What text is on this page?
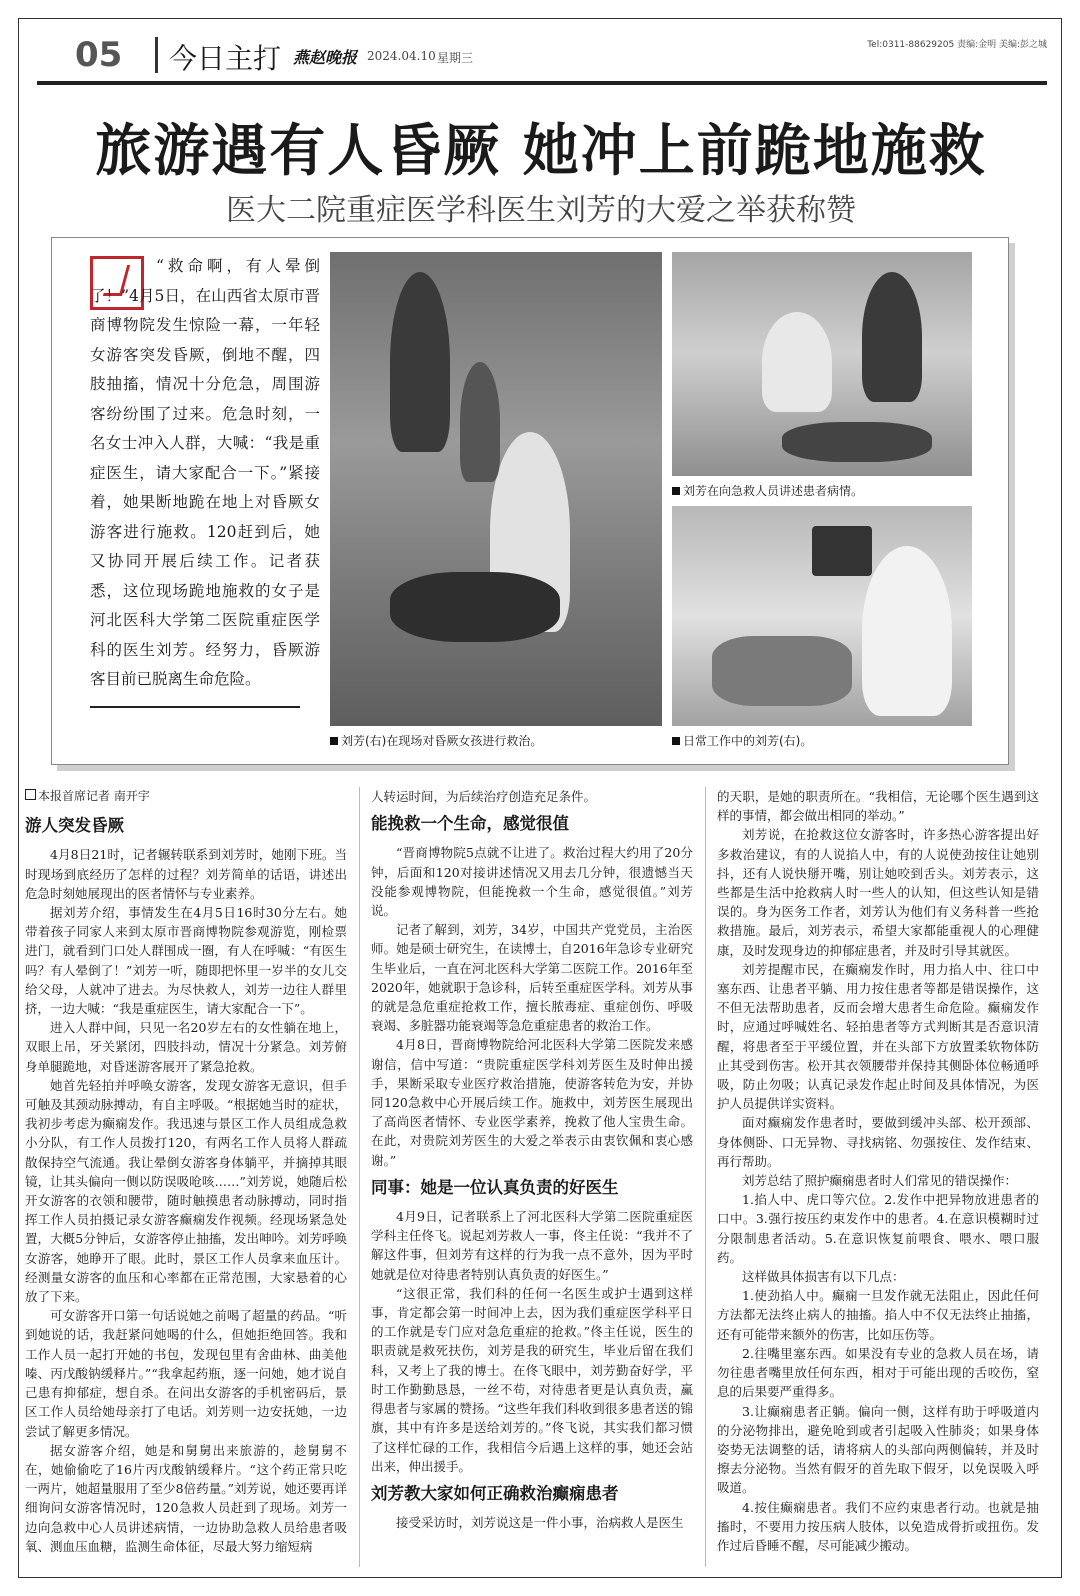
05 今日主打 燕赵晚报 2024.04.10 星期三
Tel:0311-88629205 责编:金明 美编:彭之城
旅游遇有人昏厥 她冲上前跪地施救
医大二院重症医学科医生刘芳的大爱之举获称赞
“救命啊，有人晕倒了！”4月5日，在山西省太原市晋商博物院发生惊险一幕，一年轻女游客突发昏厥，倒地不醒，四肢抽搐，情况十分危急，周围游客纷纷围了过来。危急时刻，一名女士冲入人群，大喊：“我是重症医生，请大家配合一下。”紧接着，她果断地跪在地上对昏厥女游客进行施救。120赶到后，她又协同开展后续工作。记者获悉，这位现场跪地施救的女子是河北医科大学第二医院重症医学科的医生刘芳。经努力，昏厥游客目前已脱离生命危险。
刘芳(右)在现场对昏厥女孩进行救治。
刘芳在向急救人员讲述患者病情。
日常工作中的刘芳(右)。
本报首席记者 南开宇
游人突发昏厥

4月8日21时，记者辗转联系到刘芳时，她刚下班。当时现场到底经历了怎样的过程？刘芳简单的话语，讲述出危急时刻她展现出的医者情怀与专业素养。

据刘芳介绍，事情发生在4月5日16时30分左右。她带着孩子同家人来到太原市晋商博物院参观游览，刚检票进门，就看到门口处人群围成一圈，有人在呼喊：“有医生吗？有人晕倒了！”刘芳一听，随即把怀里一岁半的女儿交给父母，人就冲了进去。为尽快救人，刘芳一边往人群里挤，一边大喊：“我是重症医生，请大家配合一下”。

进入人群中间，只见一名20岁左右的女性躺在地上，双眼上吊，牙关紧闭，四肢抖动，情况十分紧急。刘芳俯身单腿跪地，对昏迷游客展开了紧急抢救。

她首先轻拍并呼唤女游客，发现女游客无意识，但手可触及其颈动脉搏动，有自主呼吸。“根据她当时的症状，我初步考虑为癫痫发作。我迅速与景区工作人员组成急救小分队，有工作人员拨打120，有两名工作人员将人群疏散保持空气流通。我让晕倒女游客身体躺平，并摘掉其眼镜，让其头偏向一侧以防误吸呛咳……”刘芳说，她随后松开女游客的衣领和腰带，随时触摸患者动脉搏动，同时指挥工作人员拍摄记录女游客癫痫发作视频。经现场紧急处置，大概5分钟后，女游客停止抽搐，发出呻吟。刘芳呼唤女游客，她睁开了眼。此时，景区工作人员拿来血压计。经测量女游客的血压和心率都在正常范围，大家悬着的心放了下来。

可女游客开口第一句话说她之前喝了超量的药品。“听到她说的话，我赶紧问她喝的什么，但她拒绝回答。我和工作人员一起打开她的书包，发现包里有舍曲林、曲美他嗪、丙戊酸钠缓释片。”“我拿起药瓶，逐一问她，她才说自己患有抑郁症，想自杀。在问出女游客的手机密码后，景区工作人员给她母亲打了电话。刘芳则一边安抚她，一边尝试了解更多情况。

据女游客介绍，她是和舅舅出来旅游的，趁舅舅不在，她偷偷吃了16片丙戊酸钠缓释片。“这个药正常只吃一两片，她超量服用了至少8倍药量。”刘芳说，她还要再详细询问女游客情况时，120急救人员赶到了现场。刘芳一边向急救中心人员讲述病情，一边协助急救人员给患者吸氧、测血压血糖，监测生命体征，尽最大努力缩短病

人转运时间，为后续治疗创造充足条件。

能挽救一个生命，感觉很值

“晋商博物院5点就不让进了。救治过程大约用了20分钟，后面和120对接讲述情况又用去几分钟，很遗憾当天没能参观博物院，但能挽救一个生命，感觉很值。”刘芳说。

记者了解到，刘芳，34岁，中国共产党党员，主治医师。她是硕士研究生，在读博士，自2016年急诊专业研究生毕业后，一直在河北医科大学第二医院工作。2016年至2020年，她就职于急诊科，后转至重症医学科。刘芳从事的就是急危重症抢救工作，擅长脓毒症、重症创伤、呼吸衰竭、多脏器功能衰竭等急危重症患者的救治工作。

4月8日，晋商博物院给河北医科大学第二医院发来感谢信，信中写道：“贵院重症医学科刘芳医生及时伸出援手，果断采取专业医疗救治措施，使游客转危为安，并协同120急救中心开展后续工作。施救中，刘芳医生展现出了高尚医者情怀、专业医学素养，挽救了他人宝贵生命。在此，对贵院刘芳医生的大爱之举表示由衷钦佩和衷心感谢。”

同事：她是一位认真负责的好医生

4月9日，记者联系上了河北医科大学第二医院重症医学科主任佟飞。说起刘芳救人一事，佟主任说：“我并不了解这件事，但刘芳有这样的行为我一点不意外，因为平时她就是位对待患者特别认真负责的好医生。”

“这很正常，我们科的任何一名医生或护士遇到这样事，肯定都会第一时间冲上去，因为我们重症医学科平日的工作就是专门应对急危重症的抢救。”佟主任说，医生的职责就是救死扶伤，刘芳是我的研究生，毕业后留在我们科，又考上了我的博士。在佟飞眼中，刘芳勤奋好学，平时工作勤勤恳恳，一丝不苟，对待患者更是认真负责，赢得患者与家属的赞扬。“这些年我们科收到很多患者送的锦旗，其中有许多是送给刘芳的。”佟飞说，其实我们都习惯了这样忙碌的工作，我相信今后遇上这样的事，她还会站出来，伸出援手。

刘芳教大家如何正确救治癫痫患者

接受采访时，刘芳说这是一件小事，治病救人是医生

的天职，是她的职责所在。“我相信，无论哪个医生遇到这样的事情，都会做出相同的举动。”

刘芳说，在抢救这位女游客时，许多热心游客提出好多救治建议，有的人说掐人中，有的人说使劲按住让她别抖，还有人说快掰开嘴，别让她咬到舌头。刘芳表示，这些都是生活中抢救病人时一些人的认知，但这些认知是错误的。身为医务工作者，刘芳认为他们有义务科普一些抢救措施。最后，刘芳表示，希望大家都能重视人的心理健康，及时发现身边的抑郁症患者，并及时引导其就医。

刘芳提醒市民，在癫痫发作时，用力掐人中、往口中塞东西、让患者平躺、用力按住患者等都是错误操作，这不但无法帮助患者，反而会增大患者生命危险。癫痫发作时，应通过呼喊姓名、轻拍患者等方式判断其是否意识清醒，将患者至于平缓位置，并在头部下方放置柔软物体防止其受到伤害。松开其衣领腰带并保持其侧卧体位畅通呼吸，防止勿吸；认真记录发作起止时间及具体情况，为医护人员提供详实资料。

面对癫痫发作患者时，要做到缓冲头部、松开颈部、身体侧卧、口无异物、寻找病铭、勿强按住、发作结束、再行帮助。

刘芳总结了照护癫痫患者时人们常见的错误操作：

1.掐人中、虎口等穴位。2.发作中把异物放进患者的口中。3.强行按压约束发作中的患者。4.在意识模糊时过分限制患者活动。5.在意识恢复前喂食、喂水、喂口服药。

这样做具体损害有以下几点：

1.使劲掐人中。癫痫一旦发作就无法阻止，因此任何方法都无法终止病人的抽搐。掐人中不仅无法终止抽搐，还有可能带来额外的伤害，比如压伤等。

2.往嘴里塞东西。如果没有专业的急救人员在场，请勿往患者嘴里放任何东西，相对于可能出现的舌咬伤，窒息的后果要严重得多。

3.让癫痫患者正躺。偏向一侧，这样有助于呼吸道内的分泌物排出，避免呛到或者引起吸入性肺炎；如果身体姿势无法调整的话，请将病人的头部向两侧偏转，并及时擦去分泌物。当然有假牙的首先取下假牙，以免误吸入呼吸道。

4.按住癫痫患者。我们不应约束患者行动。也就是抽搐时，不要用力按压病人肢体，以免造成骨折或扭伤。发作过后昏睡不醒，尽可能减少搬动。
